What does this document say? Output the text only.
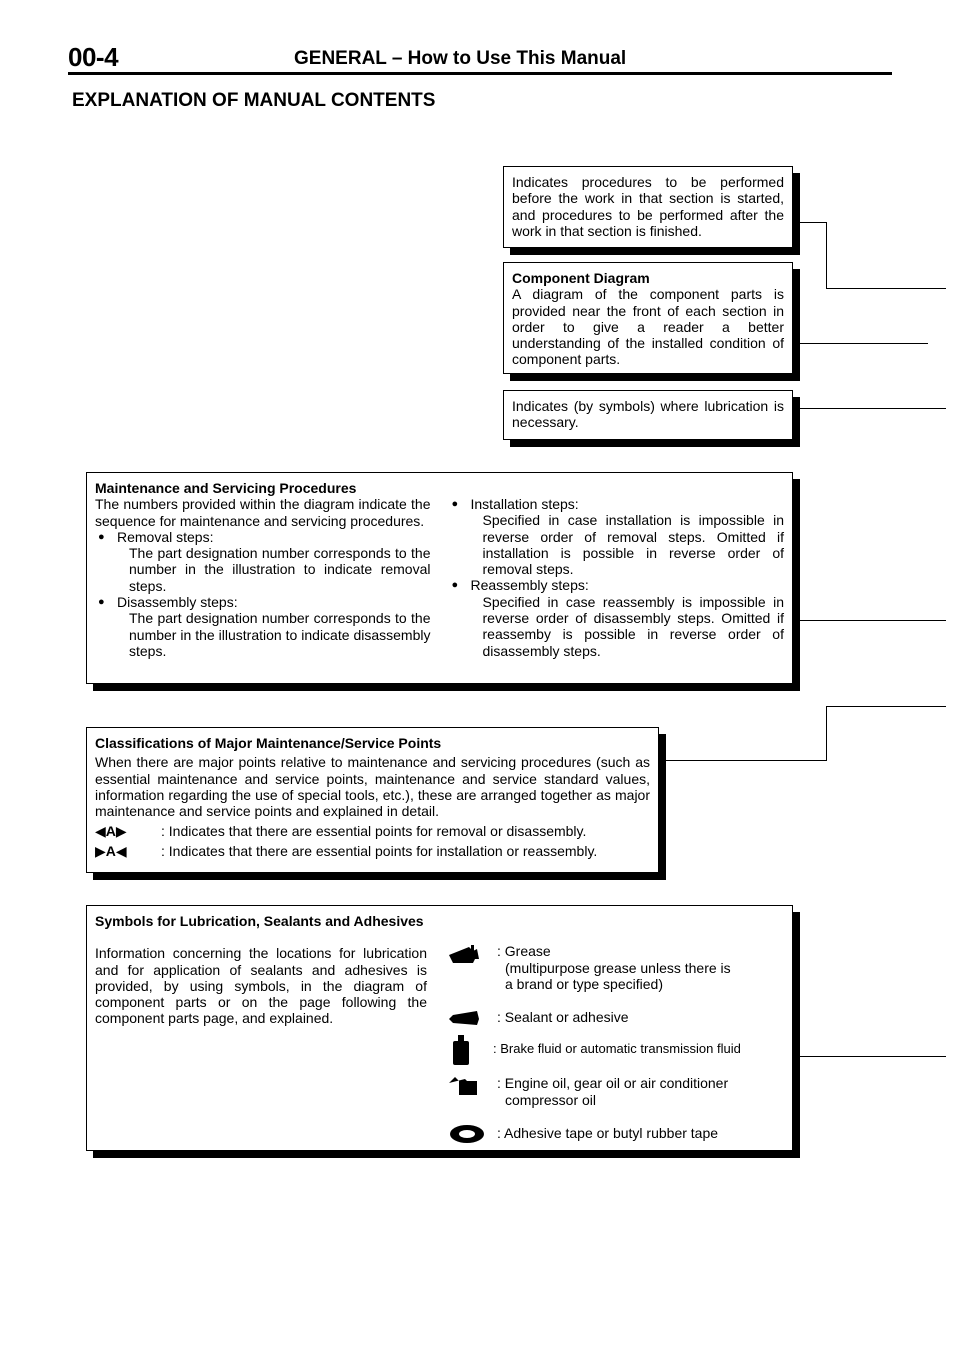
00-4	GENERAL – How to Use This Manual
EXPLANATION OF MANUAL CONTENTS

Indicates procedures to be performed before the work in that section is started, and procedures to be performed after the work in that section is finished.

Component Diagram

A diagram of the component parts is provided near the front of each section in order to give a reader a better understanding of the installed condition of component parts.

Indicates (by symbols) where lubrication is necessary.

Maintenance and Servicing Procedures

The numbers provided within the diagram indicate the sequence for maintenance and servicing procedures.

● Removal steps:

The part designation number corresponds to the number in the illustration to indicate removal steps.

● Disassembly steps:

The part designation number corresponds to the number in the illustration to indicate disassembly steps.

● Installation steps:

Specified in case installation is impossible in reverse order of removal steps. Omitted if installation is possible in reverse order of removal steps.

● Reassembly steps:

Specified in case reassembly is impossible in reverse order of disassembly steps. Omitted if reassemby is possible in reverse order of disassembly steps.

Classifications of Major Maintenance/Service Points

When there are major points relative to maintenance and servicing procedures (such as essential maintenance and service points, maintenance and service standard values, information regarding the use of special tools, etc.), these are arranged together as major maintenance and service points and explained in detail.

◀A▶ : Indicates that there are essential points for removal or disassembly.
▶A◀ : Indicates that there are essential points for installation or reassembly.

Symbols for Lubrication, Sealants and Adhesives

Information concerning the locations for lubrication and for application of sealants and adhesives is provided, by using symbols, in the diagram of component parts or on the page following the component parts page, and explained.

: Grease
(multipurpose grease unless there is
a brand or type specified)
: Sealant or adhesive
: Brake fluid or automatic transmission fluid
: Engine oil, gear oil or air conditioner
compressor oil
: Adhesive tape or butyl rubber tape
